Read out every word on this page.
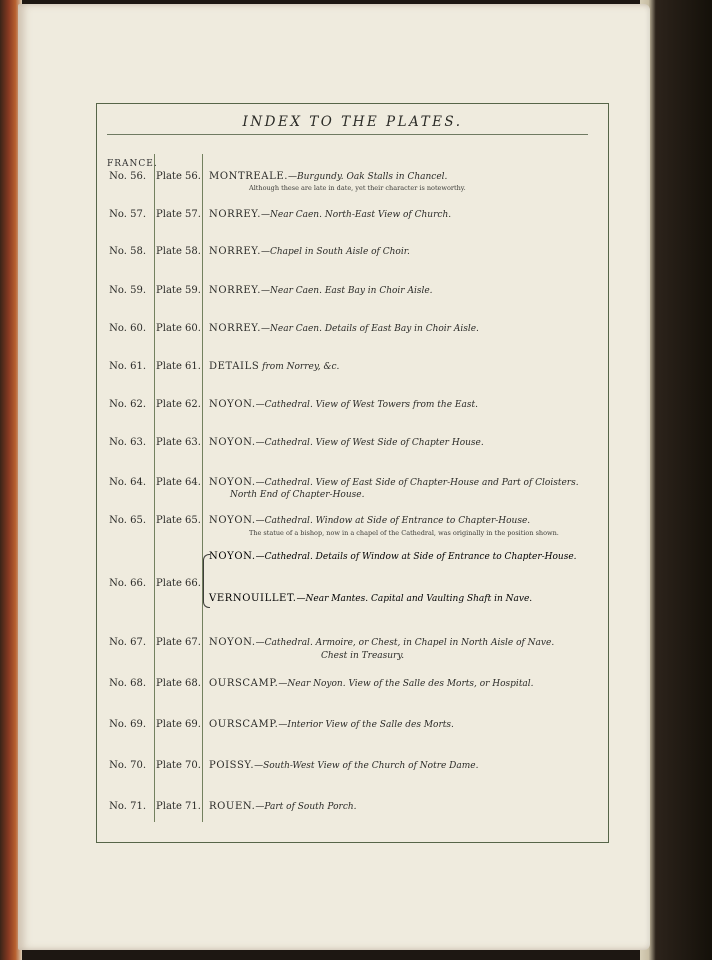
INDEX TO THE PLATES.
FRANCE.
No. 56. Plate 56. MONTREALE.—Burgundy. Oak Stalls in Chancel.
Although these are late in date, yet their character is noteworthy.
No. 57. Plate 57. NORREY.—Near Caen. North-East View of Church.
No. 58. Plate 58. NORREY.—Chapel in South Aisle of Choir.
No. 59. Plate 59. NORREY.—Near Caen. East Bay in Choir Aisle.
No. 60. Plate 60. NORREY.—Near Caen. Details of East Bay in Choir Aisle.
No. 61. Plate 61. DETAILS from Norrey, &c.
No. 62. Plate 62. NOYON.—Cathedral. View of West Towers from the East.
No. 63. Plate 63. NOYON.—Cathedral. View of West Side of Chapter House.
No. 64. Plate 64. NOYON.—Cathedral. View of East Side of Chapter-House and Part of Cloisters.
North End of Chapter-House.
No. 65. Plate 65. NOYON.—Cathedral. Window at Side of Entrance to Chapter-House.
The statue of a bishop, now in a chapel of the Cathedral, was originally in the position shown.
No. 66. Plate 66.
NOYON.—Cathedral. Details of Window at Side of Entrance to Chapter-House.
VERNOUILLET.—Near Mantes. Capital and Vaulting Shaft in Nave.
No. 67. Plate 67. NOYON.—Cathedral. Armoire, or Chest, in Chapel in North Aisle of Nave.
Chest in Treasury.
No. 68. Plate 68. OURSCAMP.—Near Noyon. View of the Salle des Morts, or Hospital.
No. 69. Plate 69. OURSCAMP.—Interior View of the Salle des Morts.
No. 70. Plate 70. POISSY.—South-West View of the Church of Notre Dame.
No. 71. Plate 71. ROUEN.—Part of South Porch.
